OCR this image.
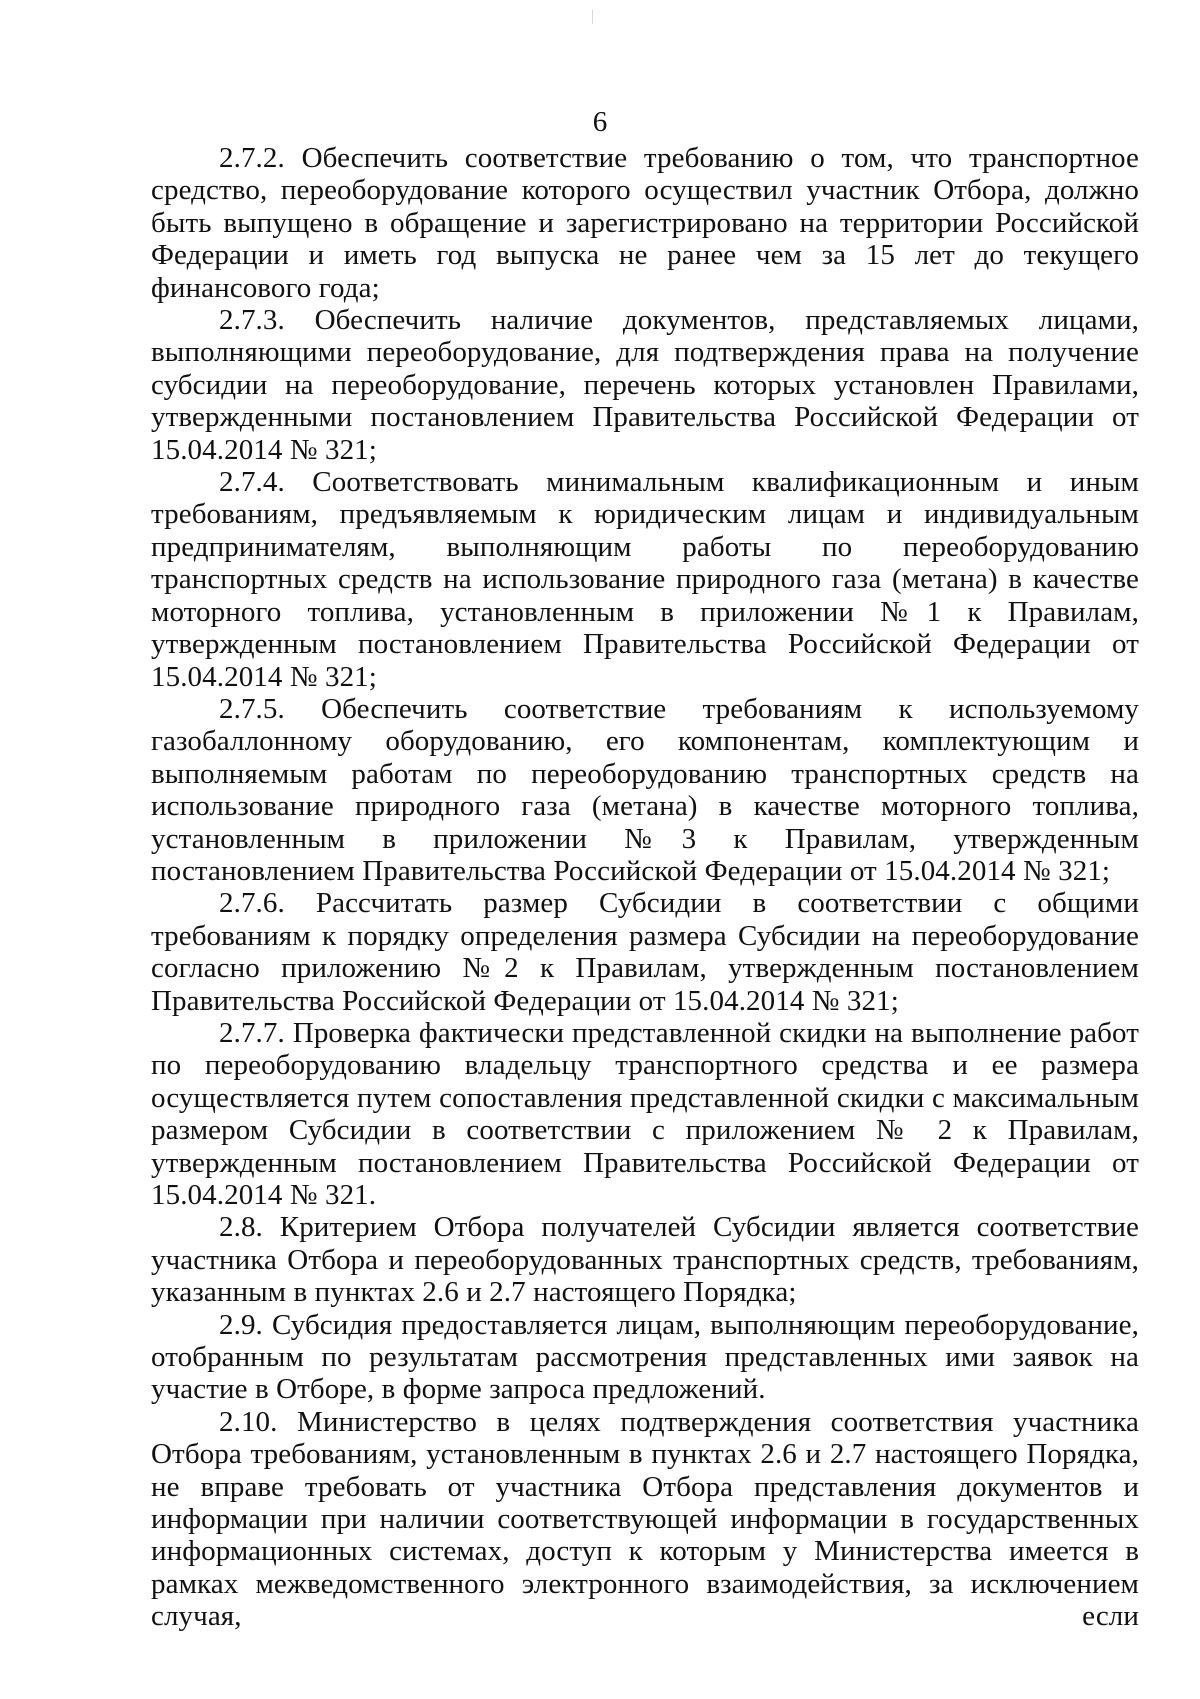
6

2.7.2. Обеспечить соответствие требованию о том, что транспортное средство, переоборудование которого осуществил участник Отбора, должно быть выпущено в обращение и зарегистрировано на территории Российской Федерации и иметь год выпуска не ранее чем за 15 лет до текущего финансового года;

2.7.3. Обеспечить наличие документов, представляемых лицами, выполняющими переоборудование, для подтверждения права на получение субсидии на переоборудование, перечень которых установлен Правилами, утвержденными постановлением Правительства Российской Федерации от 15.04.2014 № 321;

2.7.4. Соответствовать минимальным квалификационным и иным требованиям, предъявляемым к юридическим лицам и индивидуальным предпринимателям, выполняющим работы по переоборудованию транспортных средств на использование природного газа (метана) в качестве моторного топлива, установленным в приложении №1 к Правилам, утвержденным постановлением Правительства Российской Федерации от 15.04.2014 № 321;

2.7.5. Обеспечить соответствие требованиям к используемому газобаллонному оборудованию, его компонентам, комплектующим и выполняемым работам по переоборудованию транспортных средств на использование природного газа (метана) в качестве моторного топлива, установленным в приложении №3 к Правилам, утвержденным постановлением Правительства Российской Федерации от 15.04.2014 № 321;

2.7.6. Рассчитать размер Субсидии в соответствии с общими требованиям к порядку определения размера Субсидии на переоборудование согласно приложению №2 к Правилам, утвержденным постановлением Правительства Российской Федерации от 15.04.2014 № 321;

2.7.7. Проверка фактически представленной скидки на выполнение работ по переоборудованию владельцу транспортного средства и ее размера осуществляется путем сопоставления представленной скидки с максимальным размером Субсидии в соответствии с приложением № 2 к Правилам, утвержденным постановлением Правительства Российской Федерации от 15.04.2014 № 321.

2.8. Критерием Отбора получателей Субсидии является соответствие участника Отбора и переоборудованных транспортных средств, требованиям, указанным в пунктах 2.6 и 2.7 настоящего Порядка;

2.9. Субсидия предоставляется лицам, выполняющим переоборудование, отобранным по результатам рассмотрения представленных ими заявок на участие в Отборе, в форме запроса предложений.

2.10. Министерство в целях подтверждения соответствия участника Отбора требованиям, установленным в пунктах 2.6 и 2.7 настоящего Порядка, не вправе требовать от участника Отбора представления документов и информации при наличии соответствующей информации в государственных информационных системах, доступ к которым у Министерства имеется в рамках межведомственного электронного взаимодействия, за исключением случая, если
